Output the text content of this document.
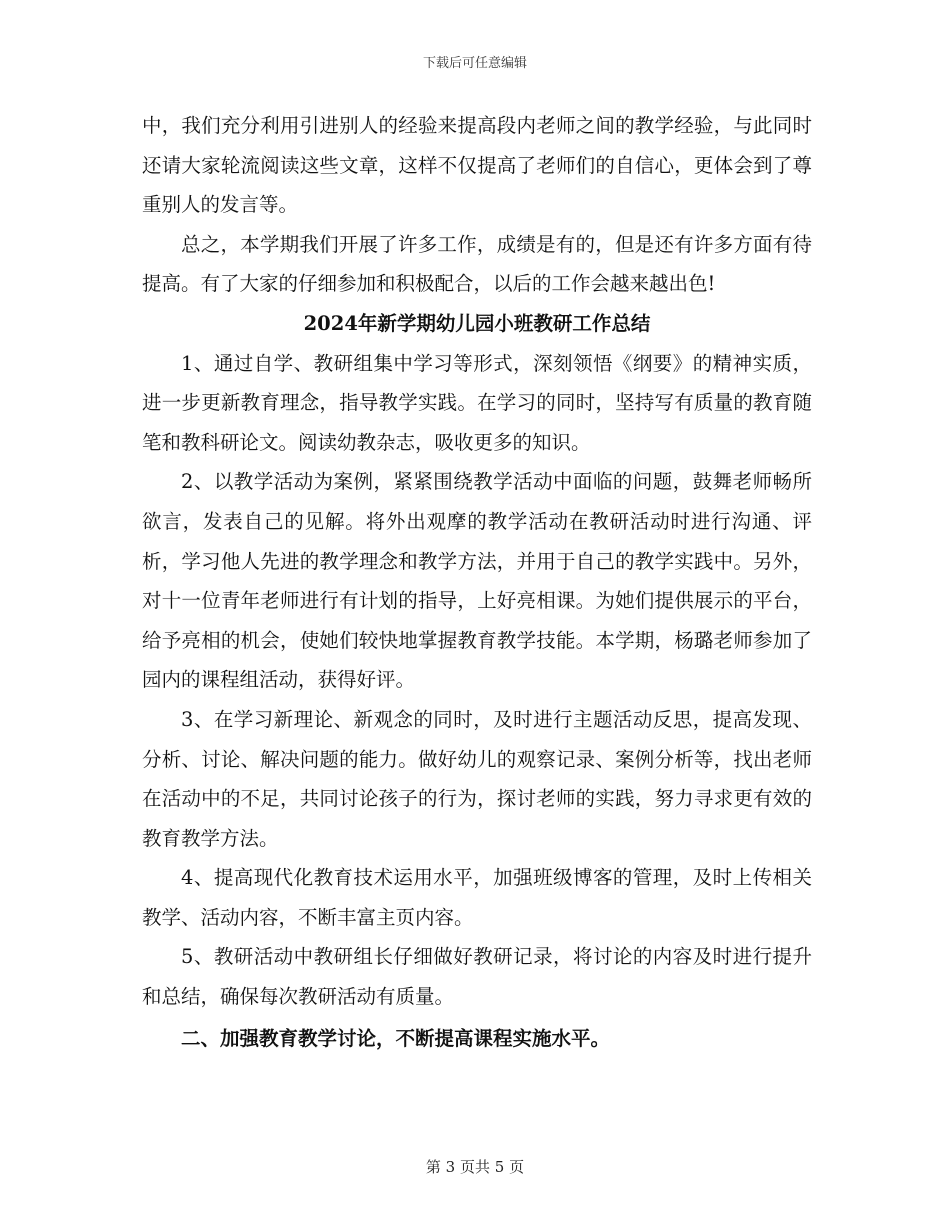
下载后可任意编辑

中，我们充分利用引进别人的经验来提高段内老师之间的教学经验，与此同时还请大家轮流阅读这些文章，这样不仅提高了老师们的自信心，更体会到了尊重别人的发言等。

总之，本学期我们开展了许多工作，成绩是有的，但是还有许多方面有待提高。有了大家的仔细参加和积极配合，以后的工作会越来越出色!

2024年新学期幼儿园小班教研工作总结

1、通过自学、教研组集中学习等形式，深刻领悟《纲要》的精神实质，进一步更新教育理念，指导教学实践。在学习的同时，坚持写有质量的教育随笔和教科研论文。阅读幼教杂志，吸收更多的知识。

2、以教学活动为案例，紧紧围绕教学活动中面临的问题，鼓舞老师畅所欲言，发表自己的见解。将外出观摩的教学活动在教研活动时进行沟通、评析，学习他人先进的教学理念和教学方法，并用于自己的教学实践中。另外，对十一位青年老师进行有计划的指导，上好亮相课。为她们提供展示的平台，给予亮相的机会，使她们较快地掌握教育教学技能。本学期，杨璐老师参加了园内的课程组活动，获得好评。

3、在学习新理论、新观念的同时，及时进行主题活动反思，提高发现、分析、讨论、解决问题的能力。做好幼儿的观察记录、案例分析等，找出老师在活动中的不足，共同讨论孩子的行为，探讨老师的实践，努力寻求更有效的教育教学方法。

4、提高现代化教育技术运用水平，加强班级博客的管理，及时上传相关教学、活动内容，不断丰富主页内容。

5、教研活动中教研组长仔细做好教研记录，将讨论的内容及时进行提升和总结，确保每次教研活动有质量。

二、加强教育教学讨论，不断提高课程实施水平。

第 3 页共 5 页
